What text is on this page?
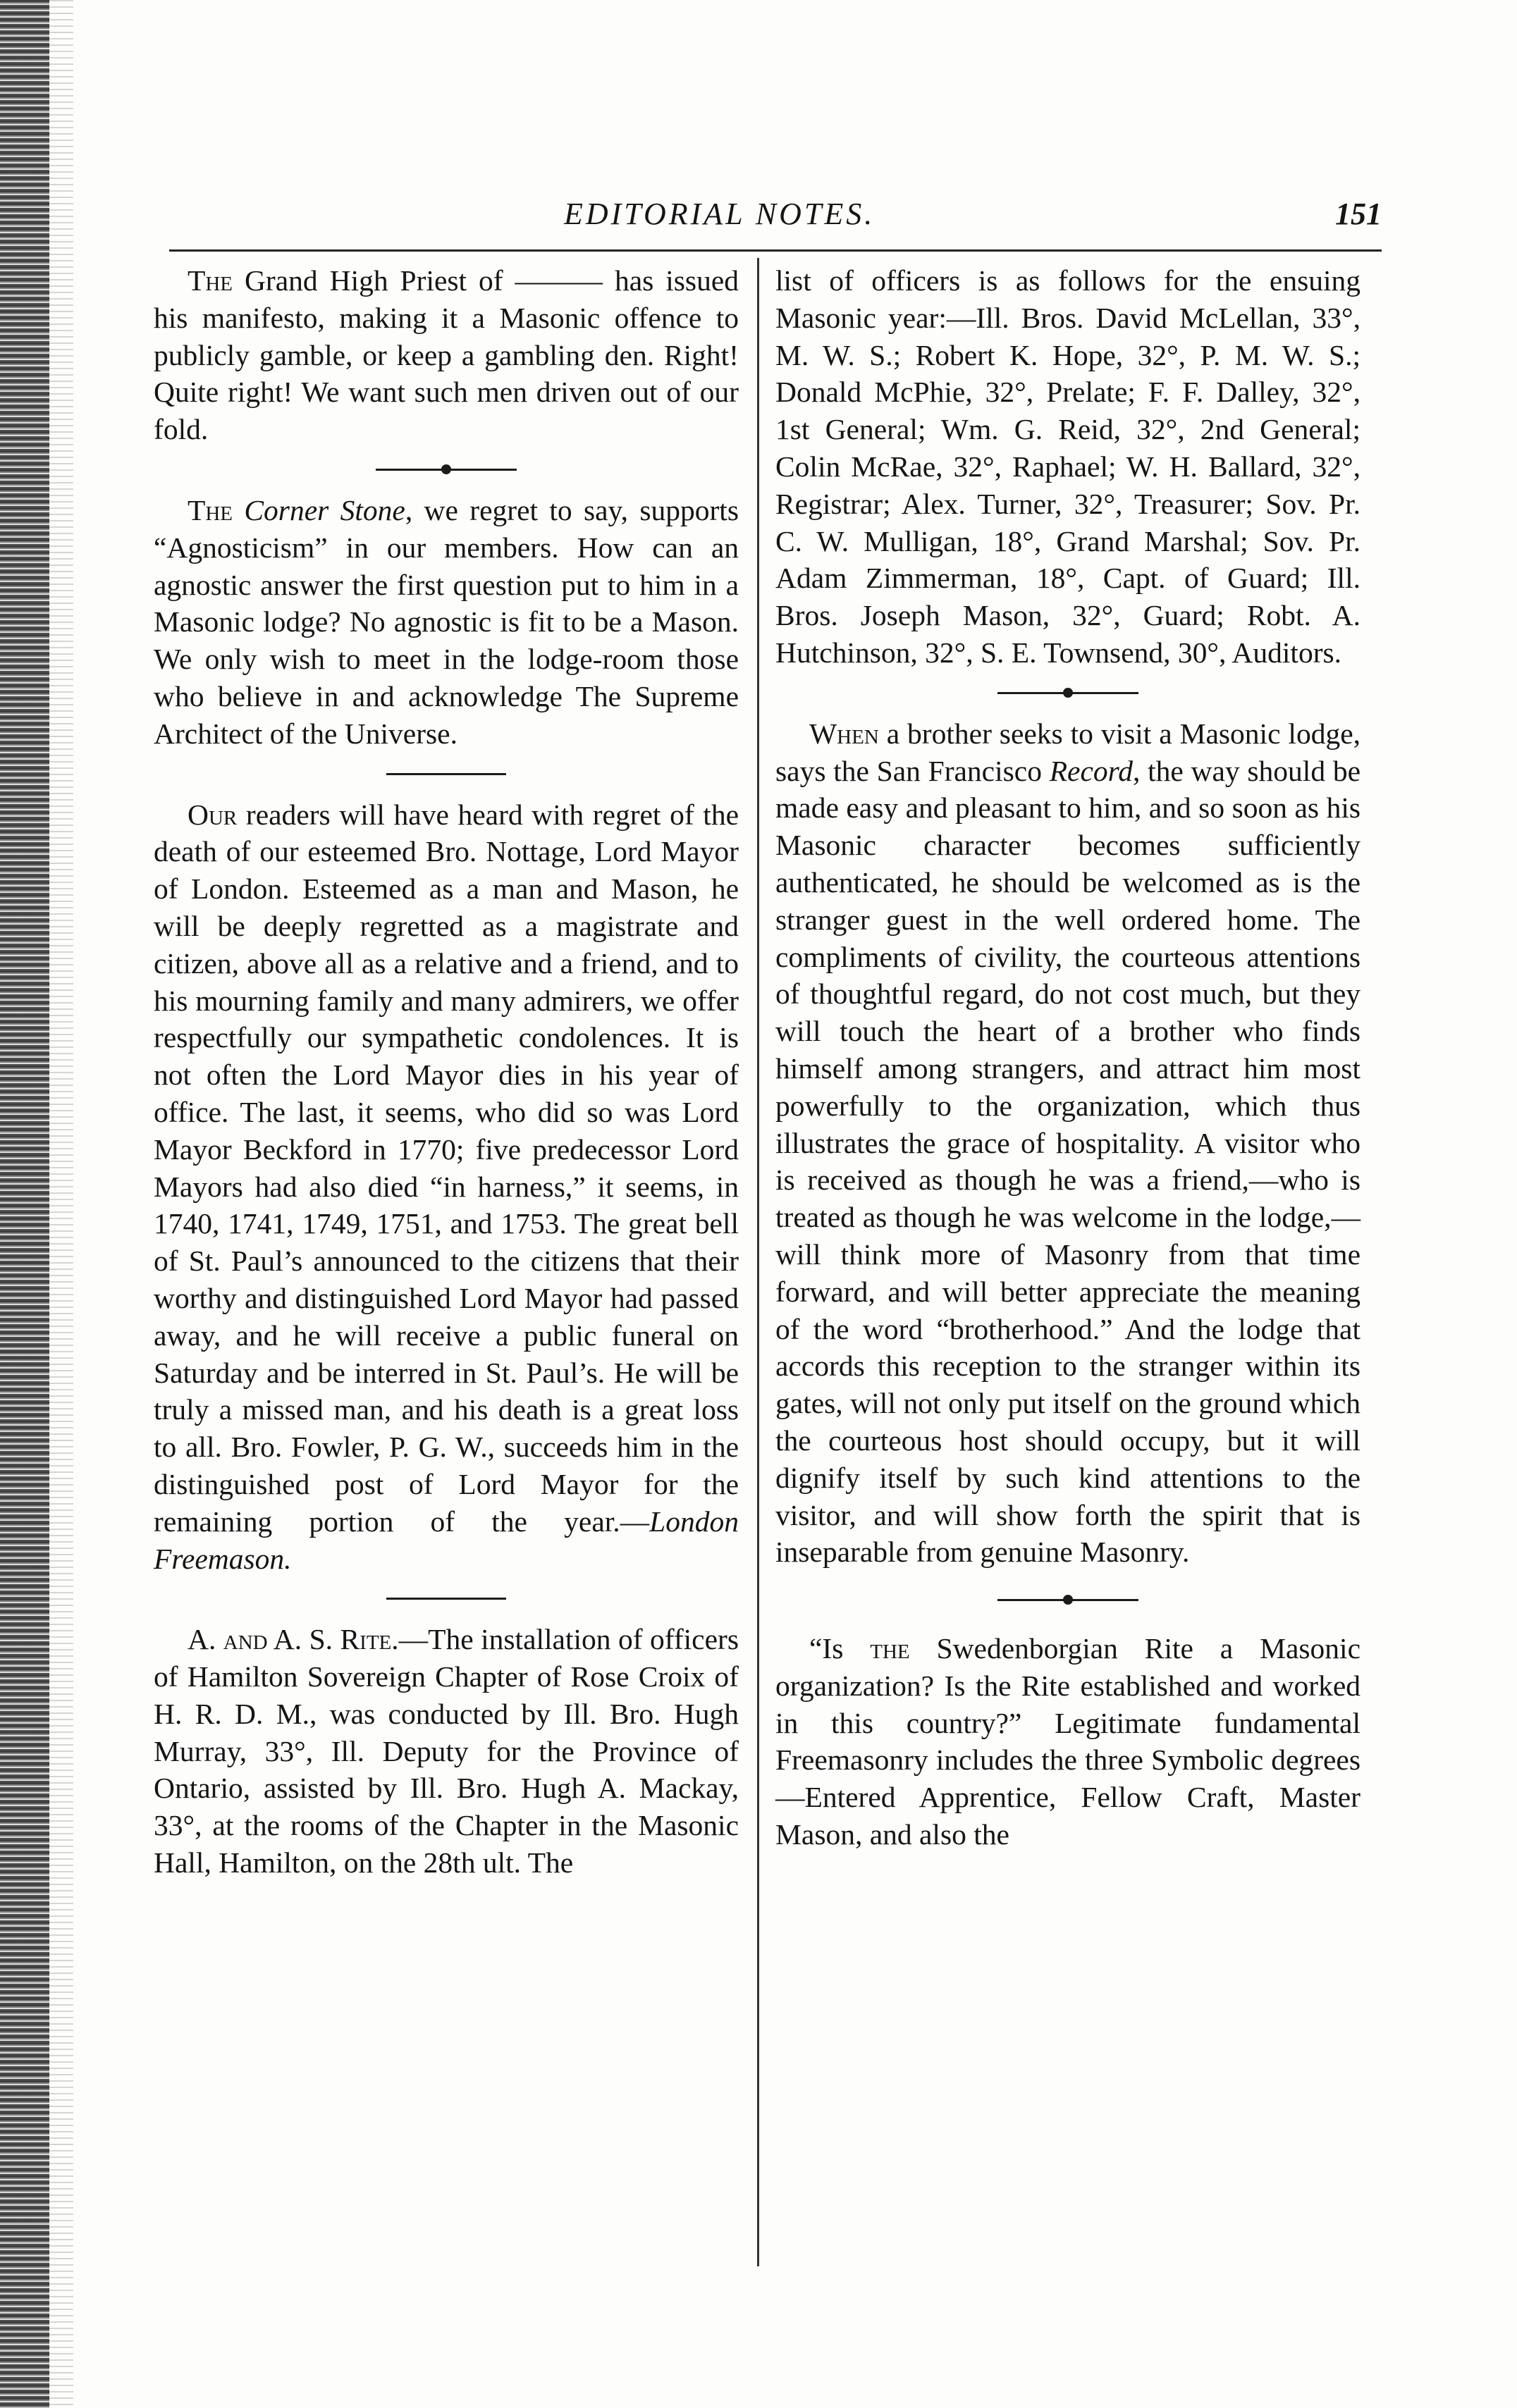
EDITORIAL NOTES.	151

The Grand High Priest of ——— has issued his manifesto, making it a Masonic offence to publicly gamble, or keep a gambling den. Right! Quite right! We want such men driven out of our fold.

The Corner Stone, we regret to say, supports “Agnosticism” in our members. How can an agnostic answer the first question put to him in a Masonic lodge? No agnostic is fit to be a Mason. We only wish to meet in the lodge-room those who believe in and acknowledge The Supreme Architect of the Universe.

Our readers will have heard with regret of the death of our esteemed Bro. Nottage, Lord Mayor of London. Esteemed as a man and Mason, he will be deeply regretted as a magistrate and citizen, above all as a relative and a friend, and to his mourning family and many admirers, we offer respectfully our sympathetic condolences. It is not often the Lord Mayor dies in his year of office. The last, it seems, who did so was Lord Mayor Beckford in 1770; five predecessor Lord Mayors had also died “in harness,” it seems, in 1740, 1741, 1749, 1751, and 1753. The great bell of St. Paul’s announced to the citizens that their worthy and distinguished Lord Mayor had passed away, and he will receive a public funeral on Saturday and be interred in St. Paul’s. He will be truly a missed man, and his death is a great loss to all. Bro. Fowler, P. G. W., succeeds him in the distinguished post of Lord Mayor for the remaining portion of the year.—London Freemason.

A. and A. S. Rite.—The installation of officers of Hamilton Sovereign Chapter of Rose Croix of H. R. D. M., was conducted by Ill. Bro. Hugh Murray, 33°, Ill. Deputy for the Province of Ontario, assisted by Ill. Bro. Hugh A. Mackay, 33°, at the rooms of the Chapter in the Masonic Hall, Hamilton, on the 28th ult. The

list of officers is as follows for the ensuing Masonic year:—Ill. Bros. David McLellan, 33°, M. W. S.; Robert K. Hope, 32°, P. M. W. S.; Donald McPhie, 32°, Prelate; F. F. Dalley, 32°, 1st General; Wm. G. Reid, 32°, 2nd General; Colin McRae, 32°, Raphael; W. H. Ballard, 32°, Registrar; Alex. Turner, 32°, Treasurer; Sov. Pr. C. W. Mulligan, 18°, Grand Marshal; Sov. Pr. Adam Zimmerman, 18°, Capt. of Guard; Ill. Bros. Joseph Mason, 32°, Guard; Robt. A. Hutchinson, 32°, S. E. Townsend, 30°, Auditors.

When a brother seeks to visit a Masonic lodge, says the San Francisco Record, the way should be made easy and pleasant to him, and so soon as his Masonic character becomes sufficiently authenticated, he should be welcomed as is the stranger guest in the well ordered home. The compliments of civility, the courteous attentions of thoughtful regard, do not cost much, but they will touch the heart of a brother who finds himself among strangers, and attract him most powerfully to the organization, which thus illustrates the grace of hospitality. A visitor who is received as though he was a friend,—who is treated as though he was welcome in the lodge,—will think more of Masonry from that time forward, and will better appreciate the meaning of the word “brotherhood.” And the lodge that accords this reception to the stranger within its gates, will not only put itself on the ground which the courteous host should occupy, but it will dignify itself by such kind attentions to the visitor, and will show forth the spirit that is inseparable from genuine Masonry.

“Is the Swedenborgian Rite a Masonic organization? Is the Rite established and worked in this country?” Legitimate fundamental Freemasonry includes the three Symbolic degrees—Entered Apprentice, Fellow Craft, Master Mason, and also the
